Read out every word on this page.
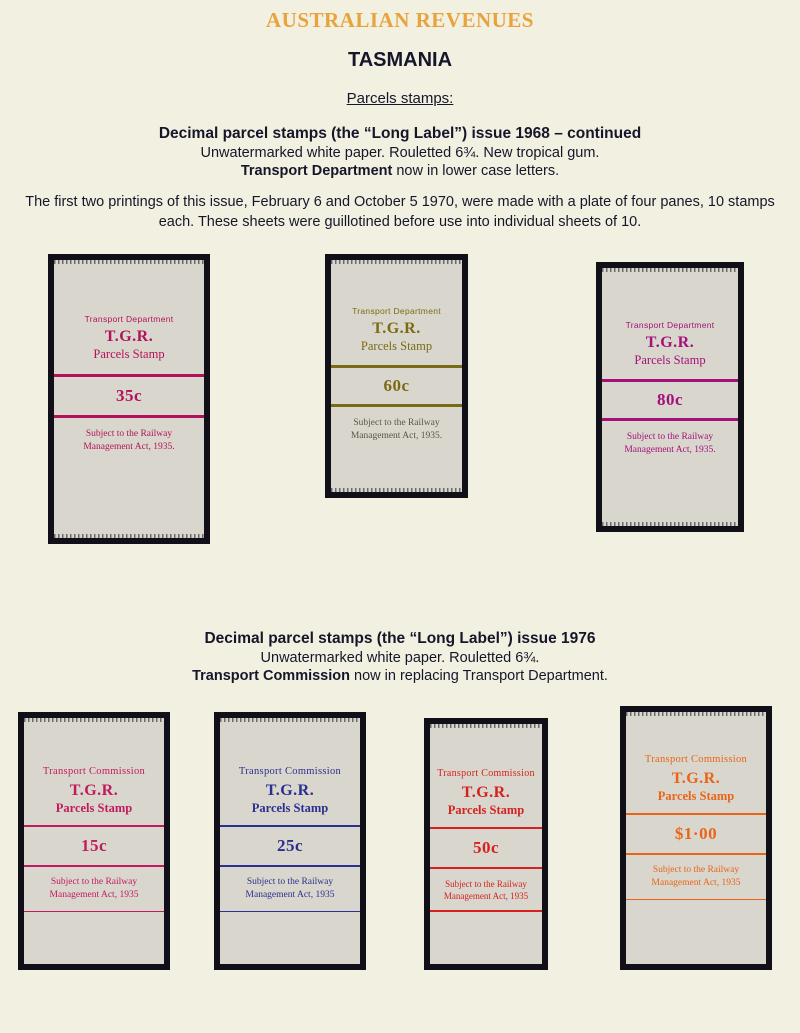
AUSTRALIAN REVENUES
TASMANIA
Parcels stamps:
Decimal parcel stamps (the “Long Label”) issue 1968 – continued
Unwatermarked white paper. Rouletted 6¾. New tropical gum.
Transport Department now in lower case letters.
The first two printings of this issue, February 6 and October 5 1970, were made with a plate of four panes, 10 stamps each. These sheets were guillotined before use into individual sheets of 10.
Transport Department
T.G.R.
Parcels Stamp
35c
Subject to the Railway
Management Act, 1935.
Transport Department
T.G.R.
Parcels Stamp
60c
Subject to the Railway
Management Act, 1935.
Transport Department
T.G.R.
Parcels Stamp
80c
Subject to the Railway
Management Act, 1935.
Decimal parcel stamps (the “Long Label”) issue 1976
Unwatermarked white paper. Rouletted 6¾.
Transport Commission now in replacing Transport Department.
Transport Commission
T.G.R.
Parcels Stamp
15c
Subject to the Railway
Management Act, 1935
Transport Commission
T.G.R.
Parcels Stamp
25c
Subject to the Railway
Management Act, 1935
Transport Commission
T.G.R.
Parcels Stamp
50c
Subject to the Railway
Management Act, 1935
Transport Commission
T.G.R.
Parcels Stamp
$1·00
Subject to the Railway
Management Act, 1935
